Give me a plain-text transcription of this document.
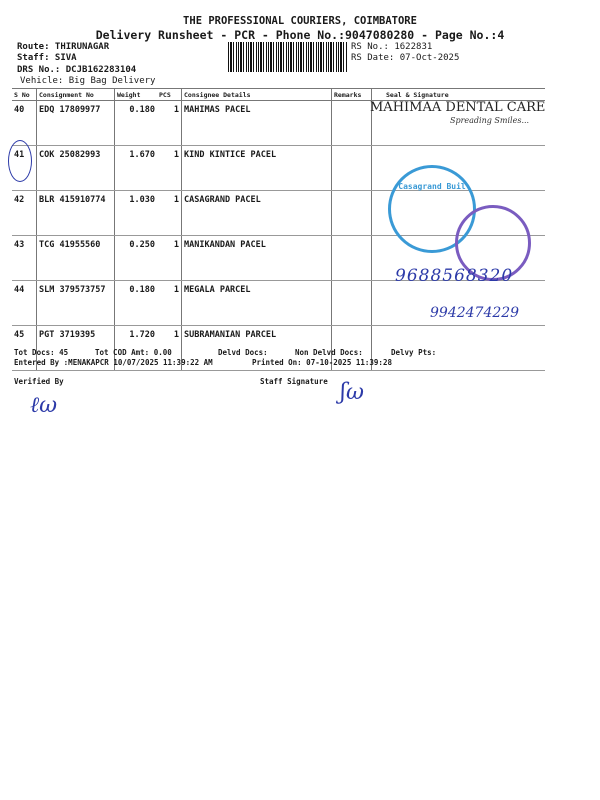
THE PROFESSIONAL COURIERS, COIMBATORE
Delivery Runsheet - PCR - Phone No.:9047080280 - Page No.:4
Route: THIRUNAGAR
Staff: SIVA
DRS No.: DCJB162283104
Vehicle: Big Bag Delivery
RS No.: 1622831
RS Date: 07-Oct-2025
S No	Consignment No	Weight	PCS	Consignee Details	Remarks	Seal & Signature
40	EDQ 17809977	0.180	1	MAHIMAS PACEL		
41	COK 25082993	1.670	1	KIND KINTICE PACEL		
42	BLR 415910774	1.030	1	CASAGRAND PACEL		
43	TCG 41955560	0.250	1	MANIKANDAN PACEL		
44	SLM 379573757	0.180	1	MEGALA PARCEL		
45	PGT 3719395	1.720	1	SUBRAMANIAN PARCEL		
MAHIMAA DENTAL CARE
Spreading Smiles...
Casagrand Buil
9688568320
9942474229
Tot Docs: 45	Tot COD Amt: 0.00	Delvd Docs:	Non Delvd Docs:	Delvy Pts:
Entered By :MENAKAPCR 10/07/2025 11:39:22 AM	Printed On: 07-10-2025 11:39:28
Verified By	Staff Signature
ℓω
ʃω
